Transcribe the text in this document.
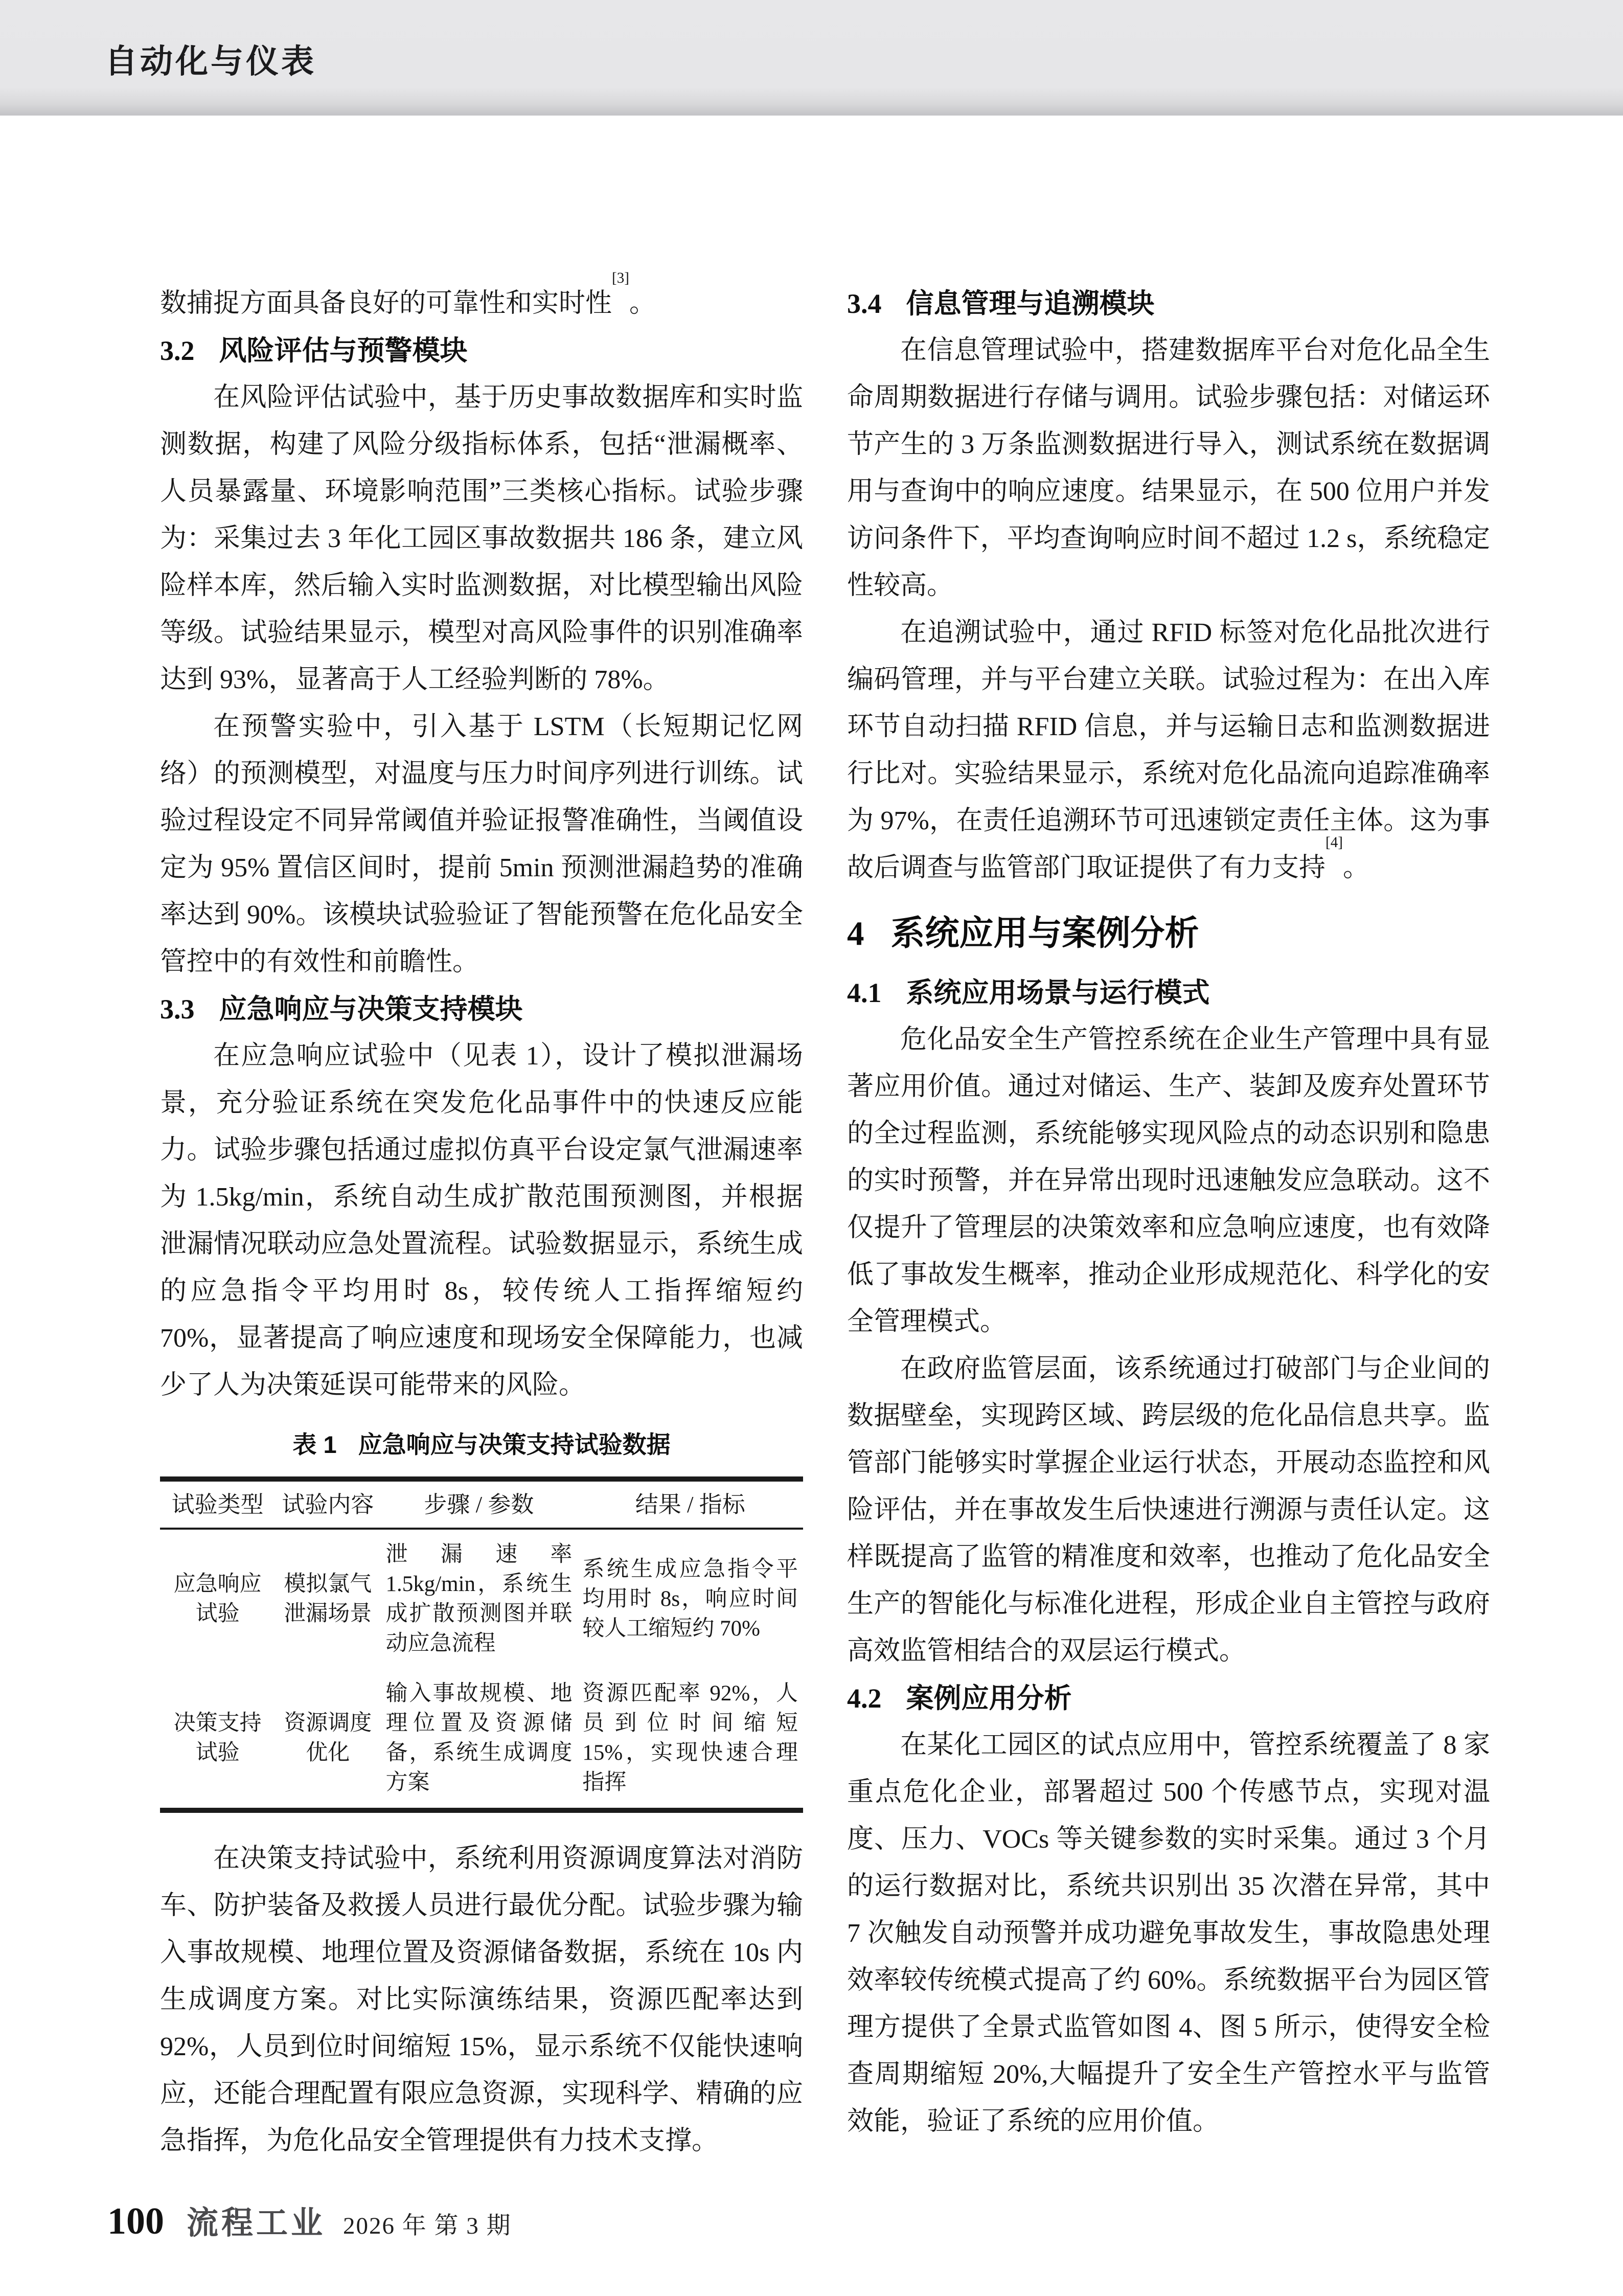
自动化与仪表

数捕捉方面具备良好的可靠性和实时性[3]。

3.2 风险评估与预警模块

在风险评估试验中，基于历史事故数据库和实时监测数据，构建了风险分级指标体系，包括“泄漏概率、人员暴露量、环境影响范围”三类核心指标。试验步骤为：采集过去 3 年化工园区事故数据共 186 条，建立风险样本库，然后输入实时监测数据，对比模型输出风险等级。试验结果显示，模型对高风险事件的识别准确率达到 93%，显著高于人工经验判断的 78%。

在预警实验中，引入基于 LSTM（长短期记忆网络）的预测模型，对温度与压力时间序列进行训练。试验过程设定不同异常阈值并验证报警准确性，当阈值设定为 95% 置信区间时，提前 5min 预测泄漏趋势的准确率达到 90%。该模块试验验证了智能预警在危化品安全管控中的有效性和前瞻性。

3.3 应急响应与决策支持模块

在应急响应试验中（见表 1），设计了模拟泄漏场景，充分验证系统在突发危化品事件中的快速反应能力。试验步骤包括通过虚拟仿真平台设定氯气泄漏速率为 1.5kg/min，系统自动生成扩散范围预测图，并根据泄漏情况联动应急处置流程。试验数据显示，系统生成的应急指令平均用时 8s，较传统人工指挥缩短约 70%，显著提高了响应速度和现场安全保障能力，也减少了人为决策延误可能带来的风险。

表 1 应急响应与决策支持试验数据
试验类型	试验内容	步骤 / 参数	结果 / 指标
应急响应试验	模拟氯气泄漏场景	泄漏速率 1.5kg/min，系统生成扩散预测图并联动应急流程	系统生成应急指令平均用时 8s，响应时间较人工缩短约 70%
决策支持试验	资源调度优化	输入事故规模、地理位置及资源储备，系统生成调度方案	资源匹配率 92%，人员到位时间缩短 15%，实现快速合理指挥

在决策支持试验中，系统利用资源调度算法对消防车、防护装备及救援人员进行最优分配。试验步骤为输入事故规模、地理位置及资源储备数据，系统在 10s 内生成调度方案。对比实际演练结果，资源匹配率达到 92%，人员到位时间缩短 15%，显示系统不仅能快速响应，还能合理配置有限应急资源，实现科学、精确的应急指挥，为危化品安全管理提供有力技术支撑。

3.4 信息管理与追溯模块

在信息管理试验中，搭建数据库平台对危化品全生命周期数据进行存储与调用。试验步骤包括：对储运环节产生的 3 万条监测数据进行导入，测试系统在数据调用与查询中的响应速度。结果显示，在 500 位用户并发访问条件下，平均查询响应时间不超过 1.2 s，系统稳定性较高。

在追溯试验中，通过 RFID 标签对危化品批次进行编码管理，并与平台建立关联。试验过程为：在出入库环节自动扫描 RFID 信息，并与运输日志和监测数据进行比对。实验结果显示，系统对危化品流向追踪准确率为 97%，在责任追溯环节可迅速锁定责任主体。这为事故后调查与监管部门取证提供了有力支持[4]。

4 系统应用与案例分析
4.1 系统应用场景与运行模式

危化品安全生产管控系统在企业生产管理中具有显著应用价值。通过对储运、生产、装卸及废弃处置环节的全过程监测，系统能够实现风险点的动态识别和隐患的实时预警，并在异常出现时迅速触发应急联动。这不仅提升了管理层的决策效率和应急响应速度，也有效降低了事故发生概率，推动企业形成规范化、科学化的安全管理模式。

在政府监管层面，该系统通过打破部门与企业间的数据壁垒，实现跨区域、跨层级的危化品信息共享。监管部门能够实时掌握企业运行状态，开展动态监控和风险评估，并在事故发生后快速进行溯源与责任认定。这样既提高了监管的精准度和效率，也推动了危化品安全生产的智能化与标准化进程，形成企业自主管控与政府高效监管相结合的双层运行模式。

4.2 案例应用分析

在某化工园区的试点应用中，管控系统覆盖了 8 家重点危化企业，部署超过 500 个传感节点，实现对温度、压力、VOCs 等关键参数的实时采集。通过 3 个月的运行数据对比，系统共识别出 35 次潜在异常，其中 7 次触发自动预警并成功避免事故发生，事故隐患处理效率较传统模式提高了约 60%。系统数据平台为园区管理方提供了全景式监管如图 4、图 5 所示，使得安全检查周期缩短 20%,大幅提升了安全生产管控水平与监管效能，验证了系统的应用价值。

100 流程工业 2026 年 第 3 期
